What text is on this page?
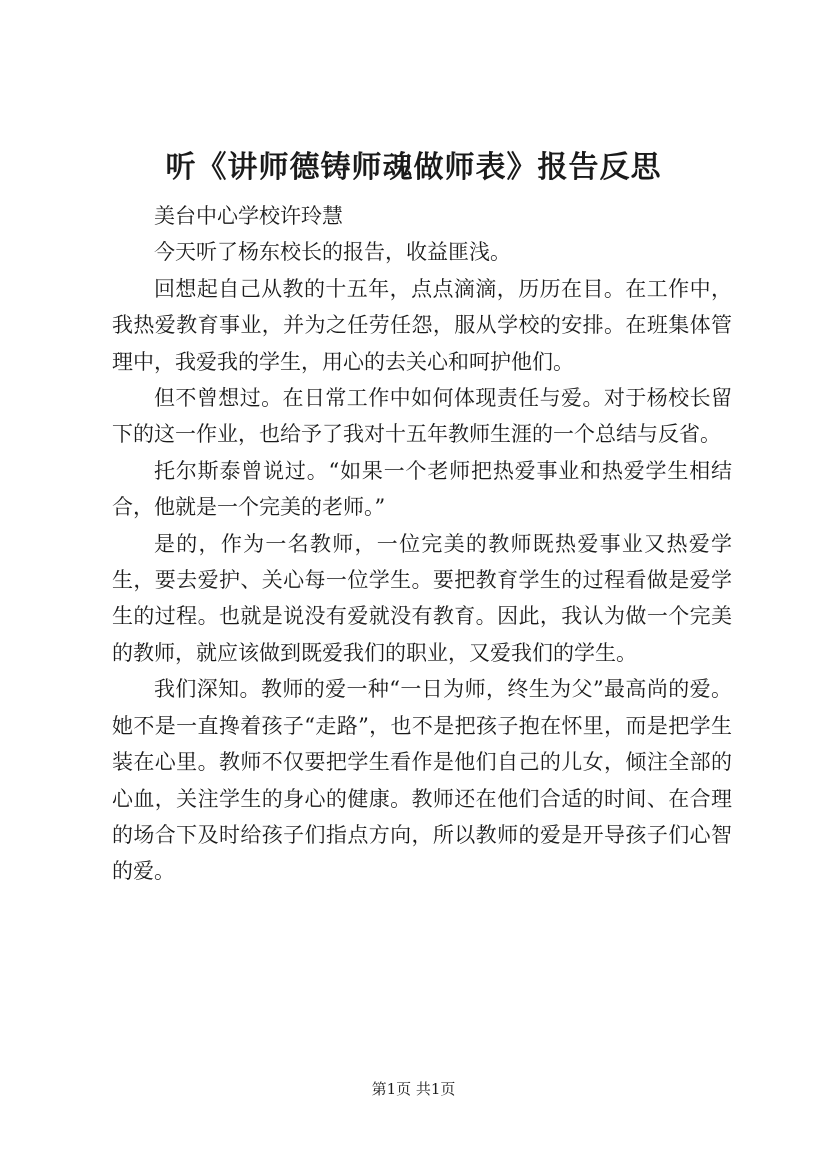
听《讲师德铸师魂做师表》报告反思

美台中心学校许玲慧

今天听了杨东校长的报告，收益匪浅。

回想起自己从教的十五年，点点滴滴，历历在目。在工作中，我热爱教育事业，并为之任劳任怨，服从学校的安排。在班集体管理中，我爱我的学生，用心的去关心和呵护他们。

但不曾想过。在日常工作中如何体现责任与爱。对于杨校长留下的这一作业，也给予了我对十五年教师生涯的一个总结与反省。

托尔斯泰曾说过。“如果一个老师把热爱事业和热爱学生相结合，他就是一个完美的老师。”

是的，作为一名教师，一位完美的教师既热爱事业又热爱学生，要去爱护、关心每一位学生。要把教育学生的过程看做是爱学生的过程。也就是说没有爱就没有教育。因此，我认为做一个完美的教师，就应该做到既爱我们的职业，又爱我们的学生。

我们深知。教师的爱一种“一日为师，终生为父”最高尚的爱。她不是一直搀着孩子“走路”，也不是把孩子抱在怀里，而是把学生装在心里。教师不仅要把学生看作是他们自己的儿女，倾注全部的心血，关注学生的身心的健康。教师还在他们合适的时间、在合理的场合下及时给孩子们指点方向，所以教师的爱是开导孩子们心智的爱。

第1页 共1页
